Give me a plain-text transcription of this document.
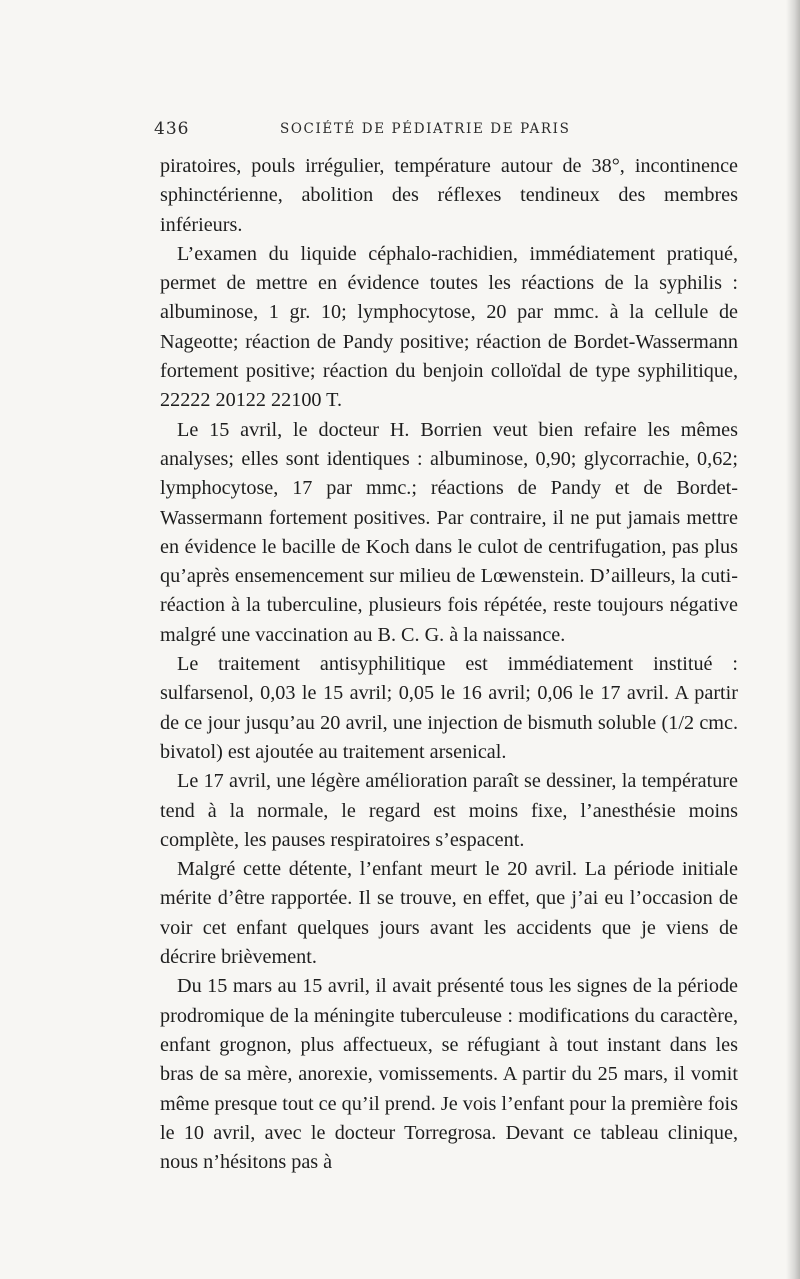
436	SOCIÉTÉ DE PÉDIATRIE DE PARIS

piratoires, pouls irrégulier, température autour de 38°, incontinence sphinctérienne, abolition des réflexes tendineux des membres inférieurs.

L’examen du liquide céphalo-rachidien, immédiatement pratiqué, permet de mettre en évidence toutes les réactions de la syphilis : albuminose, 1 gr. 10; lymphocytose, 20 par mmc. à la cellule de Nageotte; réaction de Pandy positive; réaction de Bordet-Wassermann fortement positive; réaction du benjoin colloïdal de type syphilitique, 22222 20122 22100 T.

Le 15 avril, le docteur H. Borrien veut bien refaire les mêmes analyses; elles sont identiques : albuminose, 0,90; glycorrachie, 0,62; lymphocytose, 17 par mmc.; réactions de Pandy et de Bordet-Wassermann fortement positives. Par contraire, il ne put jamais mettre en évidence le bacille de Koch dans le culot de centrifugation, pas plus qu’après ensemencement sur milieu de Lœwenstein. D’ailleurs, la cuti-réaction à la tuberculine, plusieurs fois répétée, reste toujours négative malgré une vaccination au B. C. G. à la naissance.

Le traitement antisyphilitique est immédiatement institué : sulfarsenol, 0,03 le 15 avril; 0,05 le 16 avril; 0,06 le 17 avril. A partir de ce jour jusqu’au 20 avril, une injection de bismuth soluble (1/2 cmc. bivatol) est ajoutée au traitement arsenical.

Le 17 avril, une légère amélioration paraît se dessiner, la température tend à la normale, le regard est moins fixe, l’anesthésie moins complète, les pauses respiratoires s’espacent.

Malgré cette détente, l’enfant meurt le 20 avril. La période initiale mérite d’être rapportée. Il se trouve, en effet, que j’ai eu l’occasion de voir cet enfant quelques jours avant les accidents que je viens de décrire brièvement.

Du 15 mars au 15 avril, il avait présenté tous les signes de la période prodromique de la méningite tuberculeuse : modifications du caractère, enfant grognon, plus affectueux, se réfugiant à tout instant dans les bras de sa mère, anorexie, vomissements. A partir du 25 mars, il vomit même presque tout ce qu’il prend. Je vois l’enfant pour la première fois le 10 avril, avec le docteur Torregrosa. Devant ce tableau clinique, nous n’hésitons pas à
